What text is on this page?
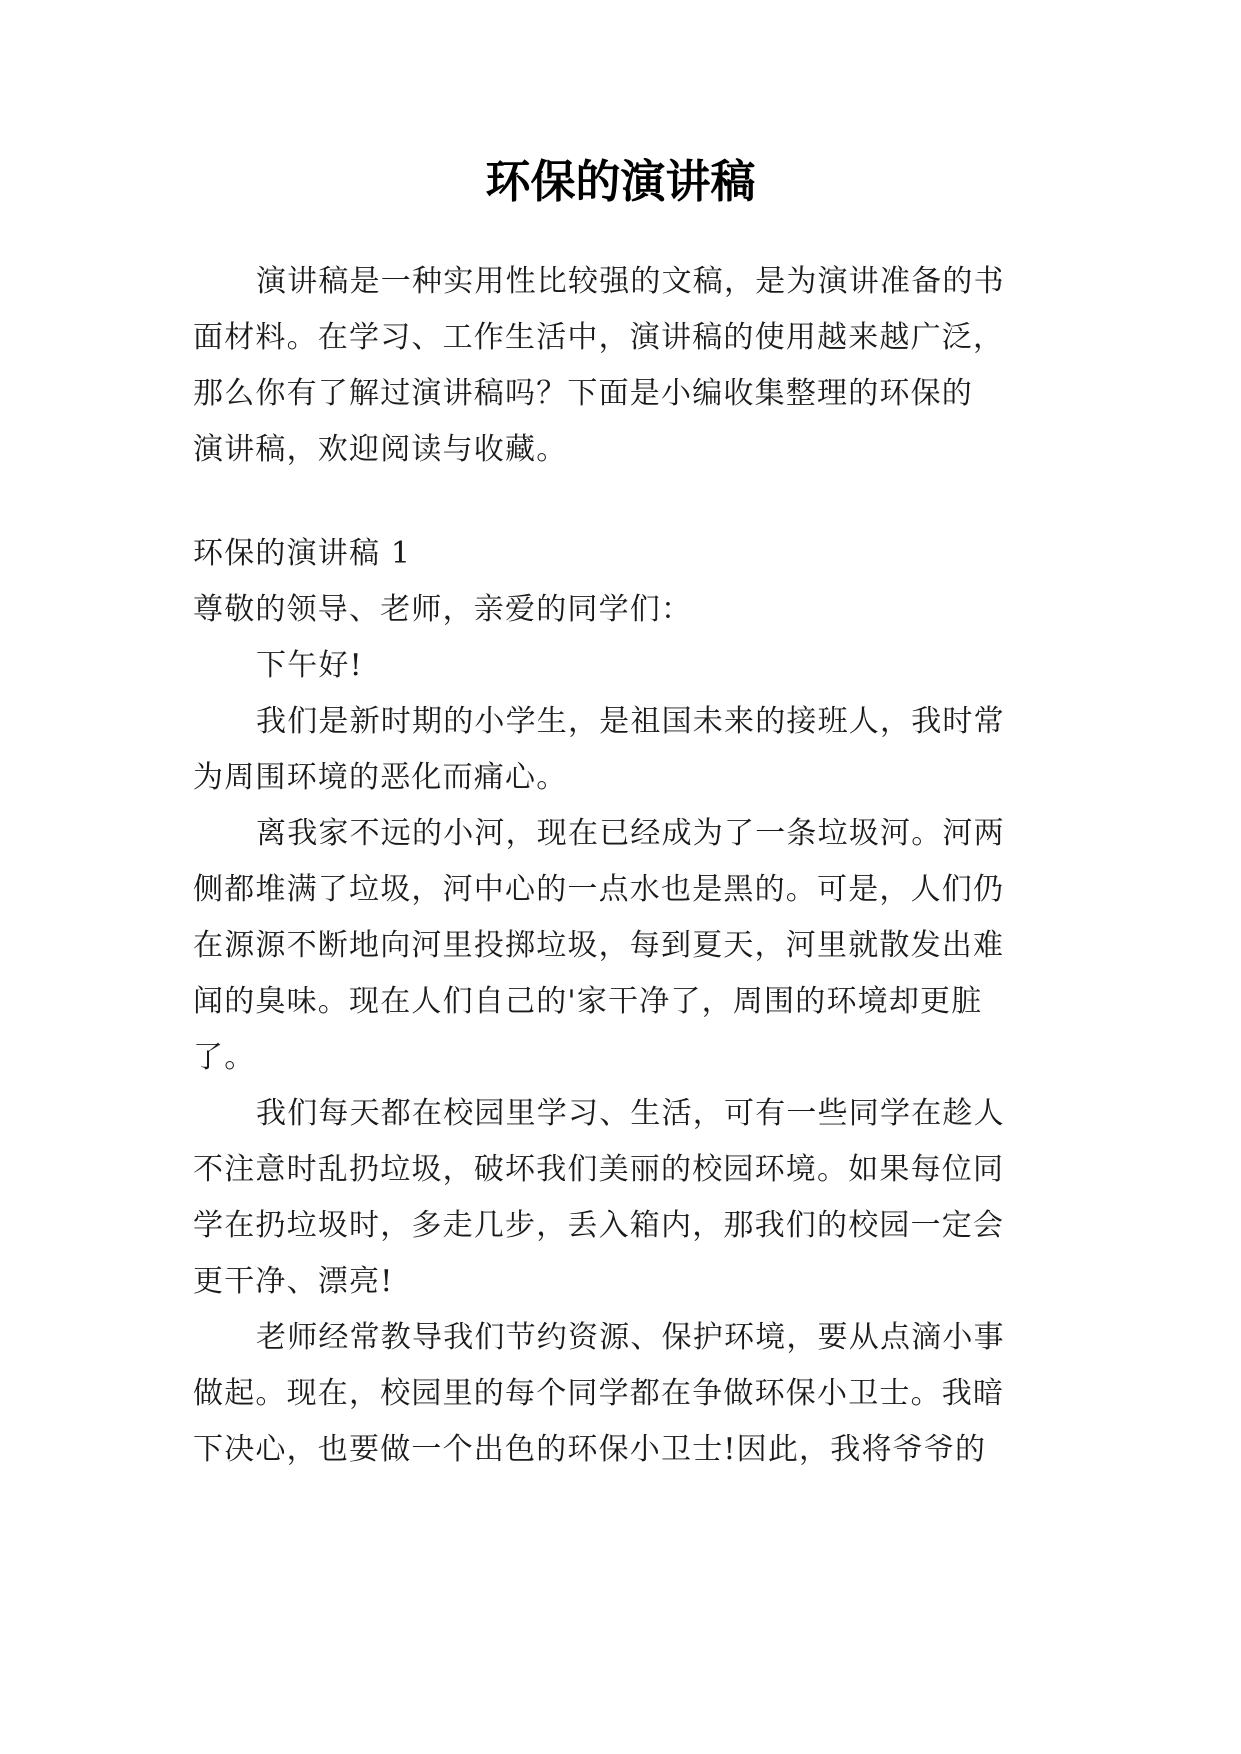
环保的演讲稿

演讲稿是一种实用性比较强的文稿，是为演讲准备的书

面材料。在学习、工作生活中，演讲稿的使用越来越广泛，

那么你有了解过演讲稿吗？下面是小编收集整理的环保的

演讲稿，欢迎阅读与收藏。

环保的演讲稿 1

尊敬的领导、老师，亲爱的同学们：

下午好!

我们是新时期的小学生，是祖国未来的接班人，我时常

为周围环境的恶化而痛心。

离我家不远的小河，现在已经成为了一条垃圾河。河两

侧都堆满了垃圾，河中心的一点水也是黑的。可是，人们仍

在源源不断地向河里投掷垃圾，每到夏天，河里就散发出难

闻的臭味。现在人们自己的'家干净了，周围的环境却更脏

了。

我们每天都在校园里学习、生活，可有一些同学在趁人

不注意时乱扔垃圾，破坏我们美丽的校园环境。如果每位同

学在扔垃圾时，多走几步，丢入箱内，那我们的校园一定会

更干净、漂亮!

老师经常教导我们节约资源、保护环境，要从点滴小事

做起。现在，校园里的每个同学都在争做环保小卫士。我暗

下决心，也要做一个出色的环保小卫士!因此，我将爷爷的
